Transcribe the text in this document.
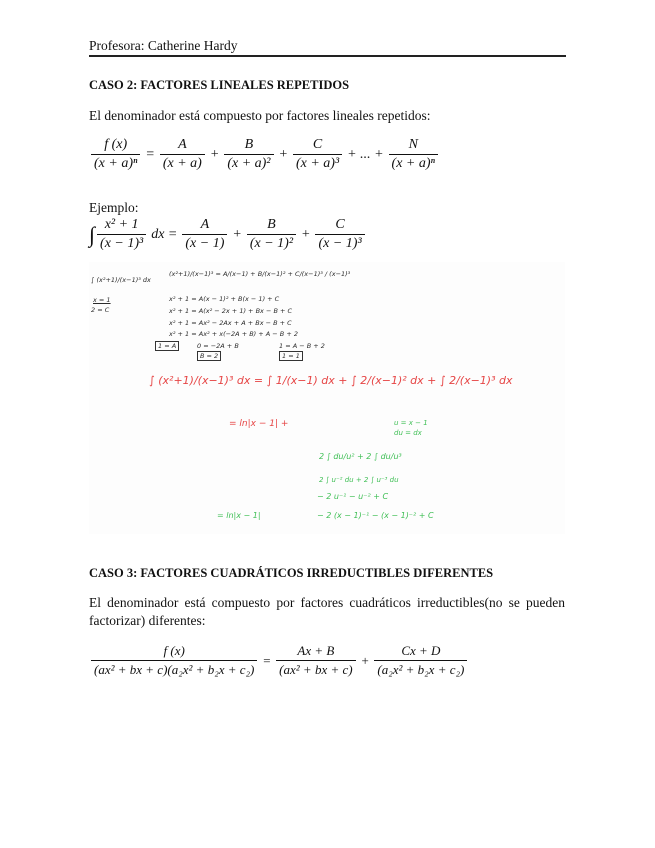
Profesora: Catherine Hardy
CASO 2: FACTORES LINEALES REPETIDOS
El denominador está compuesto por factores lineales repetidos:
$\frac{f (x)}{\text{(x + a)ⁿ}} = \frac{A}{(x + a)} + \frac{B}{\text{(x + a)²}} + \frac{C}{\text{(x + a)³}}$ + ... + $\frac{N}{\text{(x + a)ⁿ}}$
Ejemplo:
∫ $\frac{\text{x² + 1}}{\text{(x − 1)³}}$ dx = $\frac{A}{(x - 1)} + \frac{B}{\text{(x − 1)²}} + \frac{C}{\text{(x − 1)³}}$
∫ (x²+1)/(x−1)³ dx
x = 1
2 = C
(x²+1)/(x−1)³ = A/(x−1) + B/(x−1)² + C/(x−1)³ / (x−1)³
x² + 1 = A(x − 1)² + B(x − 1) + C
x² + 1 = A(x² − 2x + 1) + Bx − B + C
x² + 1 = Ax² − 2Ax + A + Bx − B + C
x² + 1 = Ax² + x(−2A + B) + A − B + 2
1 = A	0 = −2A + B
B = 2
1 = A − B + 2
1 = 1
∫ (x²+1)/(x−1)³ dx = ∫ 1/(x−1) dx + ∫ 2/(x−1)² dx + ∫ 2/(x−1)³ dx
= ln|x − 1| +	u = x − 1
du = dx
2 ∫ du/u² + 2 ∫ du/u³
2 ∫ u⁻² du + 2 ∫ u⁻³ du
− 2 u⁻¹ − u⁻² + C
= ln|x − 1|	− 2 (x − 1)⁻¹ − (x − 1)⁻² + C
CASO 3: FACTORES CUADRÁTICOS IRREDUCTIBLES DIFERENTES
El denominador está compuesto por factores cuadráticos irreductibles(no se pueden factorizar) diferentes:
$\frac{f (x)}{\text{(ax² + bx + c)(a₂x² + b₂x + c₂)}} = \frac{Ax + B}{\text{(ax² + bx + c)}} + \frac{Cx + D}{\text{(a₂x² + b₂x + c₂)}}$
